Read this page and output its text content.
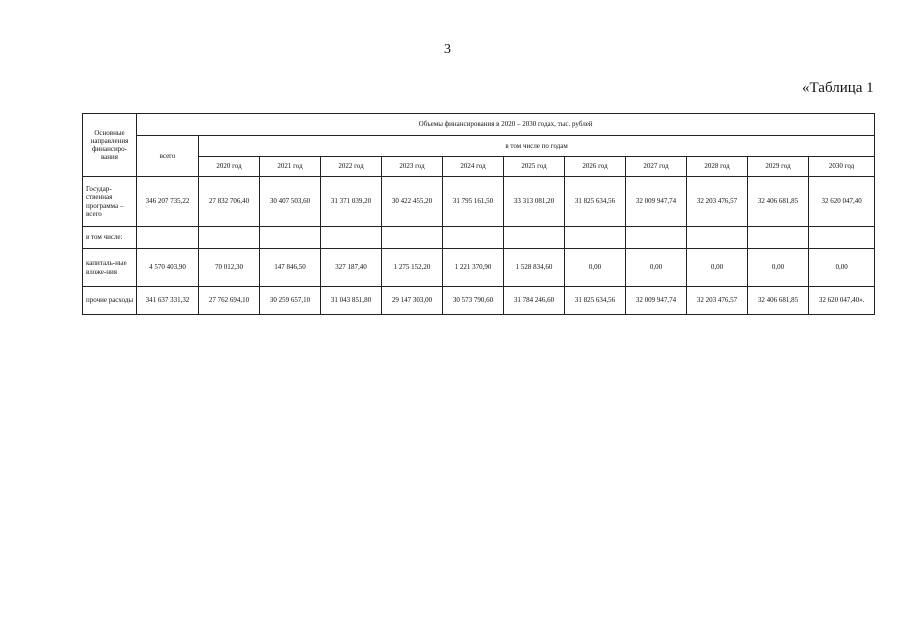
3
«Таблица 1
Основные направления финансиро-вания	Объемы финансирования в 2020 – 2030 годах, тыс. рублей											
	всего	в том числе по годам										
		2020 год	2021 год	2022 год	2023 год	2024 год	2025 год	2026 год	2027 год	2028 год	2029 год	2030 год
Государ-ственная программа – всего	346 207 735,22	27 832 706,40	30 407 503,60	31 371 039,20	30 422 455,20	31 795 161,50	33 313 081,20	31 825 634,56	32 009 947,74	32 203 476,57	32 406 681,85	32 620 047,40
в том числе:												
капиталь-ные вложе-ния	4 570 403,90	70 012,30	147 846,50	327 187,40	1 275 152,20	1 221 370,90	1 528 834,60	0,00	0,00	0,00	0,00	0,00
прочие расходы	341 637 331,32	27 762 694,10	30 259 657,10	31 043 851,80	29 147 303,00	30 573 790,60	31 784 246,60	31 825 634,56	32 009 947,74	32 203 476,57	32 406 681,85	32 620 047,40».
